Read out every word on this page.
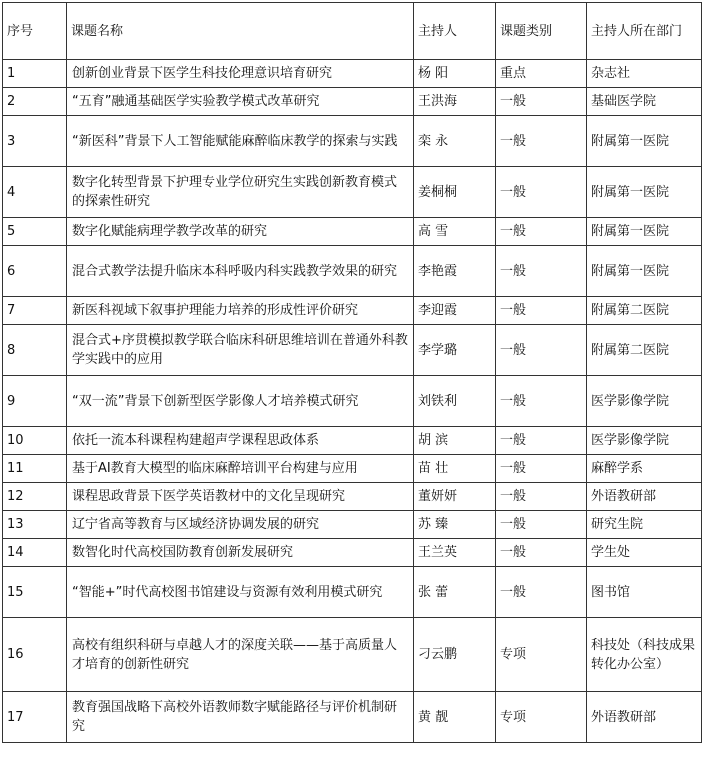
序号	课题名称	主持人	课题类别	主持人所在部门
1	创新创业背景下医学生科技伦理意识培育研究	杨 阳	重点	杂志社
2	“五育”融通基础医学实验教学模式改革研究	王洪海	一般	基础医学院
3	“新医科”背景下人工智能赋能麻醉临床教学的探索与实践	栾 永	一般	附属第一医院
4	数字化转型背景下护理专业学位研究生实践创新教育模式的探索性研究	姜桐桐	一般	附属第一医院
5	数字化赋能病理学教学改革的研究	高 雪	一般	附属第一医院
6	混合式教学法提升临床本科呼吸内科实践教学效果的研究	李艳霞	一般	附属第一医院
7	新医科视域下叙事护理能力培养的形成性评价研究	李迎霞	一般	附属第二医院
8	混合式+序贯模拟教学联合临床科研思维培训在普通外科教学实践中的应用	李学璐	一般	附属第二医院
9	“双一流”背景下创新型医学影像人才培养模式研究	刘铁利	一般	医学影像学院
10	依托一流本科课程构建超声学课程思政体系	胡 滨	一般	医学影像学院
11	基于AI教育大模型的临床麻醉培训平台构建与应用	苗 壮	一般	麻醉学系
12	课程思政背景下医学英语教材中的文化呈现研究	董妍妍	一般	外语教研部
13	辽宁省高等教育与区域经济协调发展的研究	苏 臻	一般	研究生院
14	数智化时代高校国防教育创新发展研究	王兰英	一般	学生处
15	“智能+”时代高校图书馆建设与资源有效利用模式研究	张 蕾	一般	图书馆
16	高校有组织科研与卓越人才的深度关联——基于高质量人才培育的创新性研究	刁云鹏	专项	科技处（科技成果转化办公室）
17	教育强国战略下高校外语教师数字赋能路径与评价机制研究	黄 靓	专项	外语教研部
